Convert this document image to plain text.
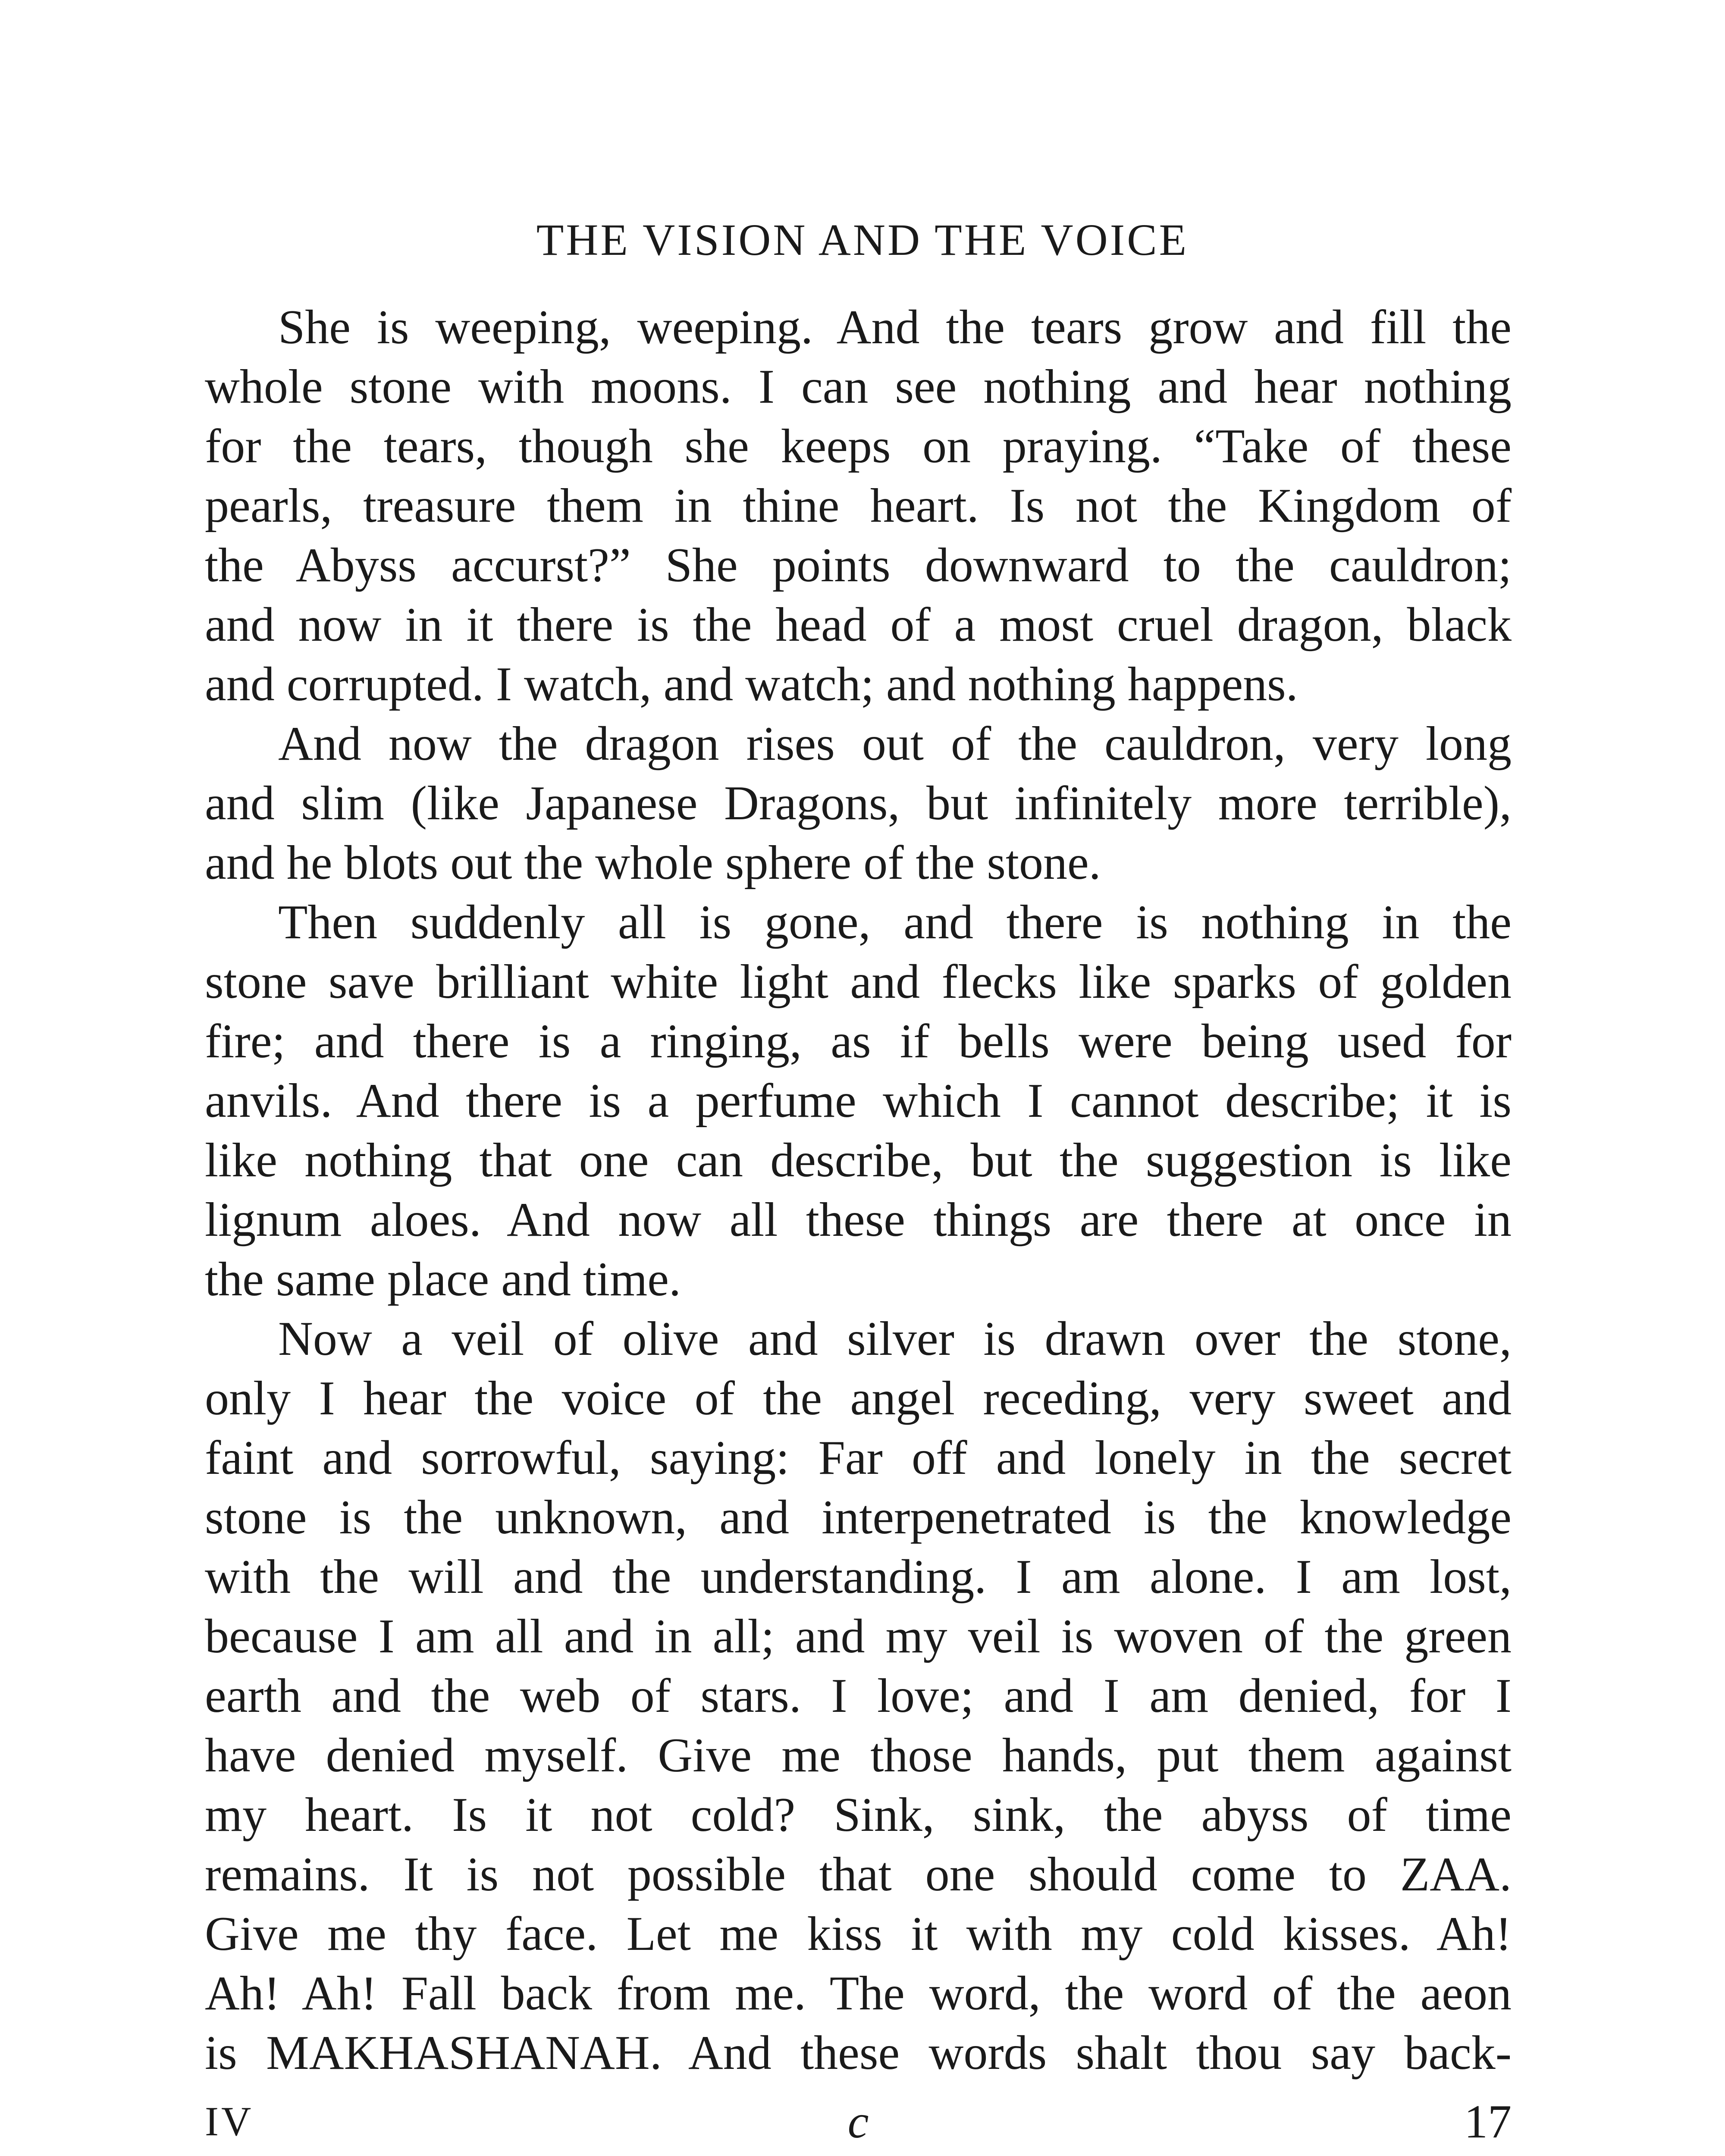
THE VISION AND THE VOICE

She is weeping, weeping. And the tears grow and fill the
whole stone with moons. I can see nothing and hear nothing
for the tears, though she keeps on praying. “Take of these
pearls, treasure them in thine heart. Is not the Kingdom of
the Abyss accurst?” She points downward to the cauldron;
and now in it there is the head of a most cruel dragon, black
and corrupted. I watch, and watch; and nothing happens.

And now the dragon rises out of the cauldron, very long
and slim (like Japanese Dragons, but infinitely more terrible),
and he blots out the whole sphere of the stone.

Then suddenly all is gone, and there is nothing in the
stone save brilliant white light and flecks like sparks of golden
fire; and there is a ringing, as if bells were being used for
anvils. And there is a perfume which I cannot describe; it is
like nothing that one can describe, but the suggestion is like
lignum aloes. And now all these things are there at once in
the same place and time.

Now a veil of olive and silver is drawn over the stone,
only I hear the voice of the angel receding, very sweet and
faint and sorrowful, saying: Far off and lonely in the secret
stone is the unknown, and interpenetrated is the knowledge
with the will and the understanding. I am alone. I am lost,
because I am all and in all; and my veil is woven of the green
earth and the web of stars. I love; and I am denied, for I
have denied myself. Give me those hands, put them against
my heart. Is it not cold? Sink, sink, the abyss of time
remains. It is not possible that one should come to ZAA.
Give me thy face. Let me kiss it with my cold kisses. Ah!
Ah! Ah! Fall back from me. The word, the word of the aeon
is MAKHASHANAH. And these words shalt thou say back-

IV	c	17
